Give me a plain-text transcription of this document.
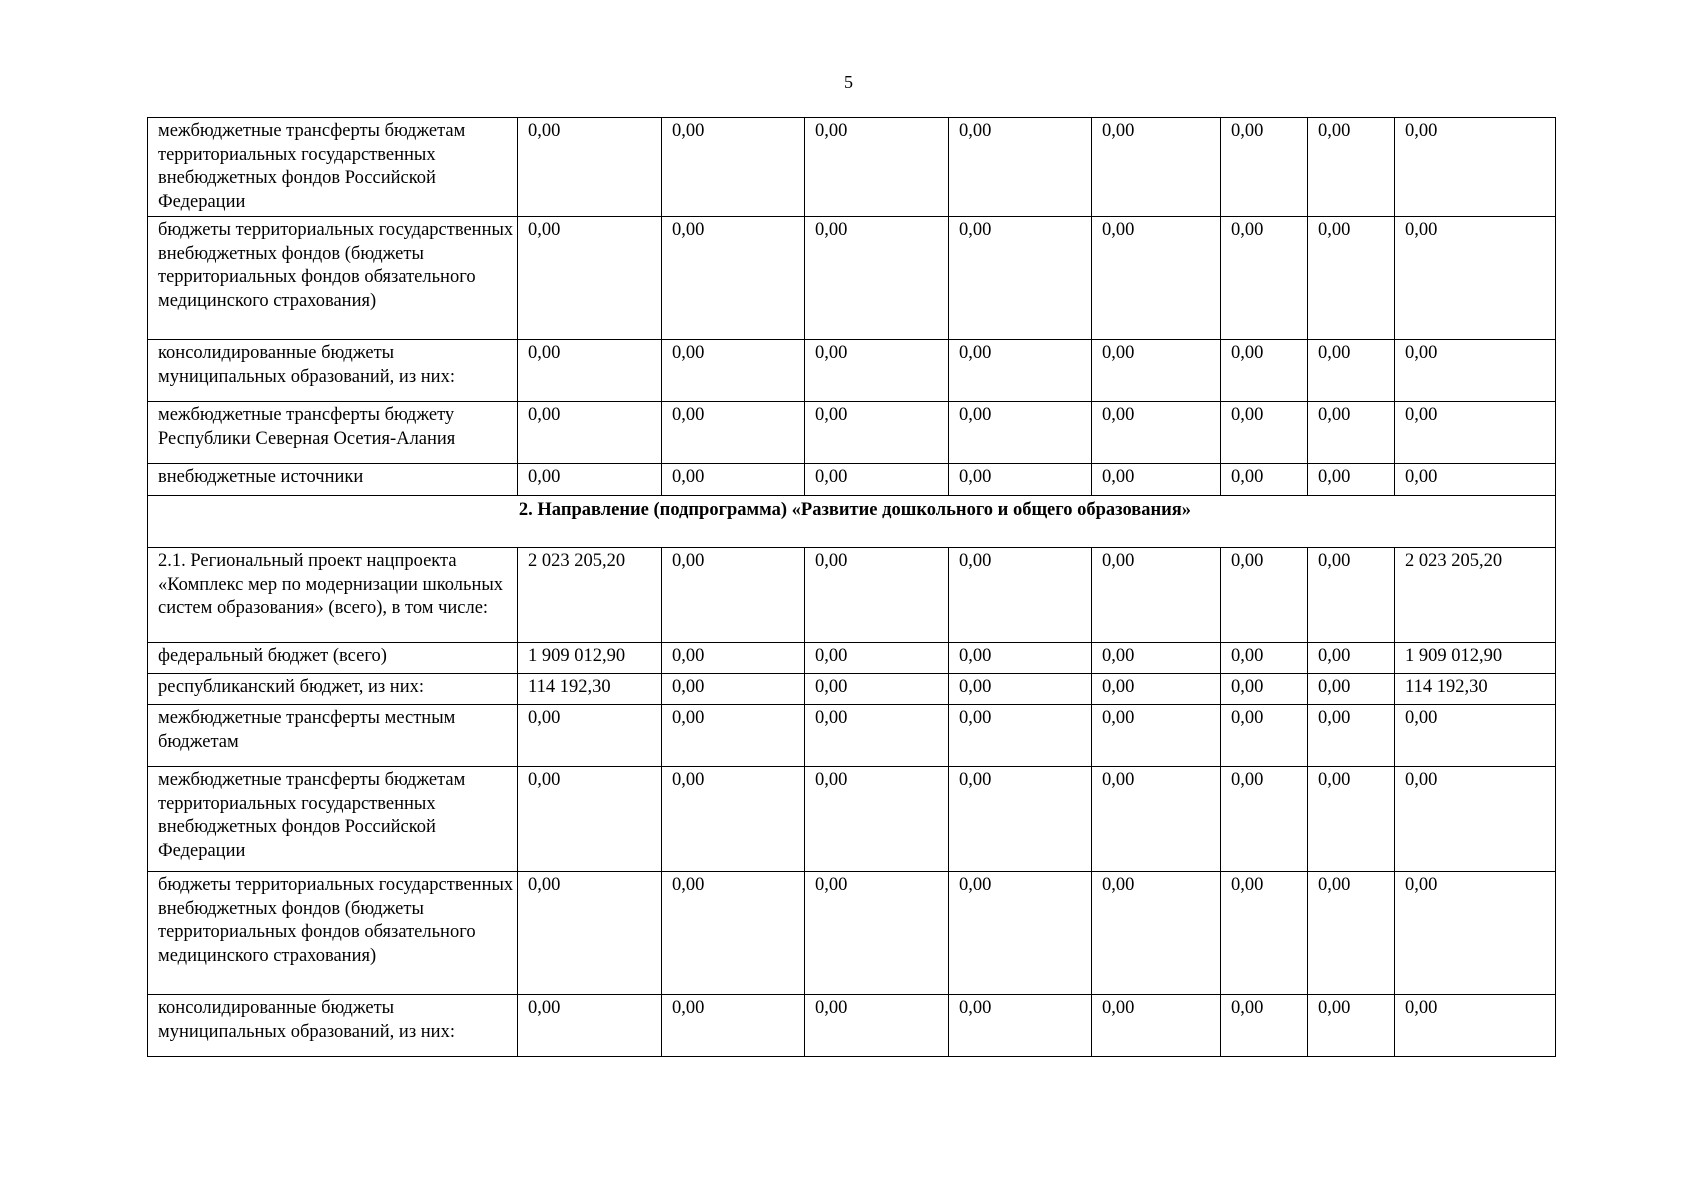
5
межбюджетные трансферты бюджетам территориальных государственных внебюджетных фондов Российской Федерации	0,00	0,00	0,00	0,00	0,00	0,00	0,00	0,00
бюджеты территориальных государственных внебюджетных фондов (бюджеты территориальных фондов обязательного медицинского страхования)	0,00	0,00	0,00	0,00	0,00	0,00	0,00	0,00
консолидированные бюджеты муниципальных образований, из них:	0,00	0,00	0,00	0,00	0,00	0,00	0,00	0,00
межбюджетные трансферты бюджету Республики Северная Осетия-Алания	0,00	0,00	0,00	0,00	0,00	0,00	0,00	0,00
внебюджетные источники	0,00	0,00	0,00	0,00	0,00	0,00	0,00	0,00
2. Направление (подпрограмма) «Развитие дошкольного и общего образования»								
2.1. Региональный проект нацпроекта «Комплекс мер по модернизации школьных систем образования» (всего), в том числе:	2 023 205,20	0,00	0,00	0,00	0,00	0,00	0,00	2 023 205,20
федеральный бюджет (всего)	1 909 012,90	0,00	0,00	0,00	0,00	0,00	0,00	1 909 012,90
республиканский бюджет, из них:	114 192,30	0,00	0,00	0,00	0,00	0,00	0,00	114 192,30
межбюджетные трансферты местным бюджетам	0,00	0,00	0,00	0,00	0,00	0,00	0,00	0,00
межбюджетные трансферты бюджетам территориальных государственных внебюджетных фондов Российской Федерации	0,00	0,00	0,00	0,00	0,00	0,00	0,00	0,00
бюджеты территориальных государственных внебюджетных фондов (бюджеты территориальных фондов обязательного медицинского страхования)	0,00	0,00	0,00	0,00	0,00	0,00	0,00	0,00
консолидированные бюджеты муниципальных образований, из них:	0,00	0,00	0,00	0,00	0,00	0,00	0,00	0,00
